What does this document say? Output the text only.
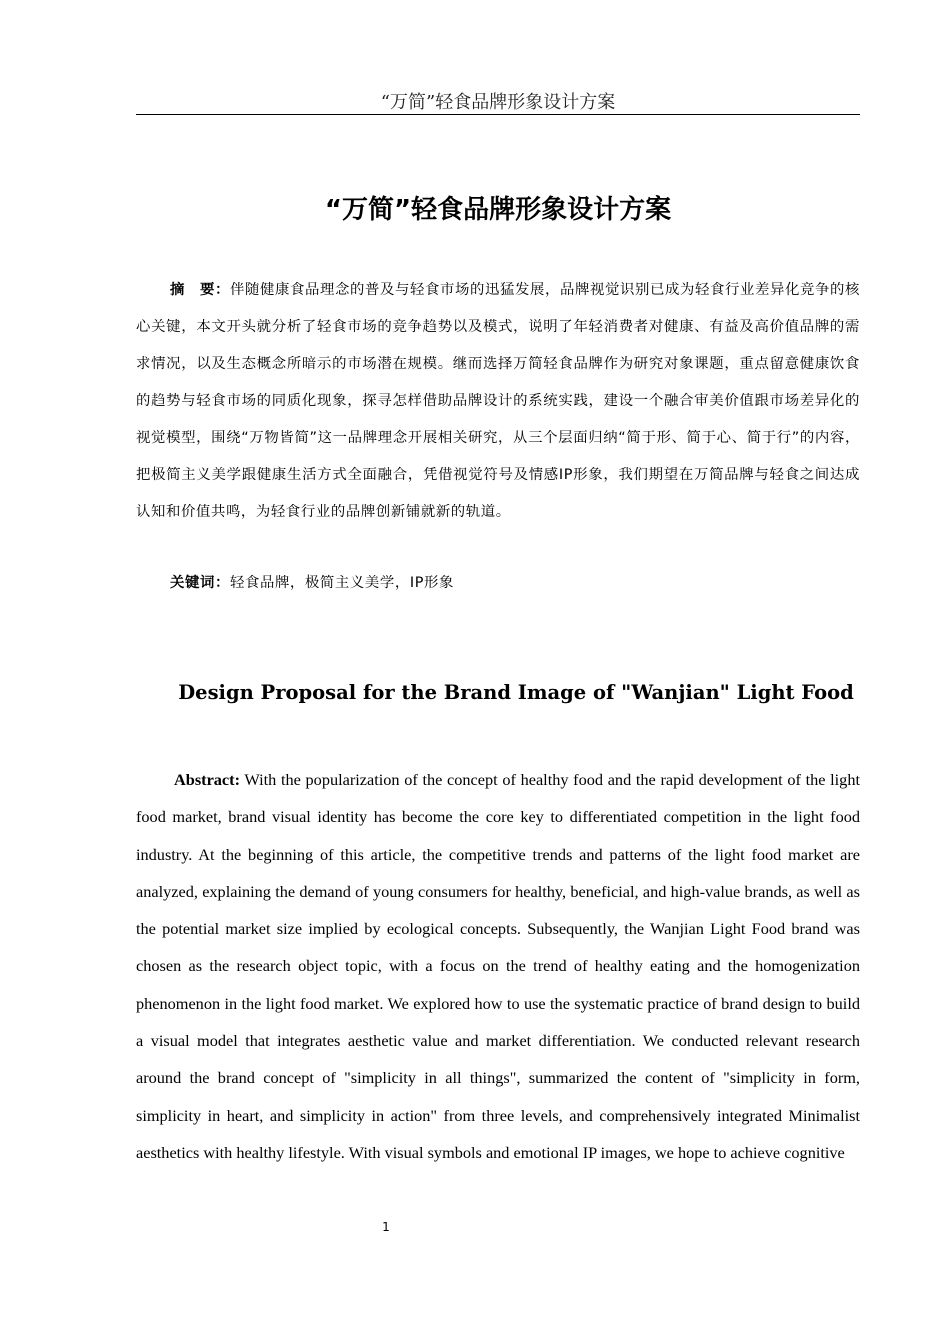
“万简”轻食品牌形象设计方案
“万简”轻食品牌形象设计方案
摘　要：伴随健康食品理念的普及与轻食市场的迅猛发展，品牌视觉识别已成为轻食行业差异化竞争的核心关键，本文开头就分析了轻食市场的竞争趋势以及模式，说明了年轻消费者对健康、有益及高价值品牌的需求情况，以及生态概念所暗示的市场潜在规模。继而选择万简轻食品牌作为研究对象课题，重点留意健康饮食的趋势与轻食市场的同质化现象，探寻怎样借助品牌设计的系统实践，建设一个融合审美价值跟市场差异化的视觉模型，围绕“万物皆简”这一品牌理念开展相关研究，从三个层面归纳“简于形、简于心、简于行”的内容，把极简主义美学跟健康生活方式全面融合，凭借视觉符号及情感IP形象，我们期望在万简品牌与轻食之间达成认知和价值共鸣，为轻食行业的品牌创新铺就新的轨道。
关键词：轻食品牌，极简主义美学，IP形象
Design Proposal for the Brand Image of "Wanjian" Light Food
Abstract: With the popularization of the concept of healthy food and the rapid development of the light food market, brand visual identity has become the core key to differentiated competition in the light food industry. At the beginning of this article, the competitive trends and patterns of the light food market are analyzed, explaining the demand of young consumers for healthy, beneficial, and high-value brands, as well as the potential market size implied by ecological concepts. Subsequently, the Wanjian Light Food brand was chosen as the research object topic, with a focus on the trend of healthy eating and the homogenization phenomenon in the light food market. We explored how to use the systematic practice of brand design to build a visual model that integrates aesthetic value and market differentiation. We conducted relevant research around the brand concept of "simplicity in all things", summarized the content of "simplicity in form, simplicity in heart, and simplicity in action" from three levels, and comprehensively integrated Minimalist aesthetics with healthy lifestyle. With visual symbols and emotional IP images, we hope to achieve cognitive
1
